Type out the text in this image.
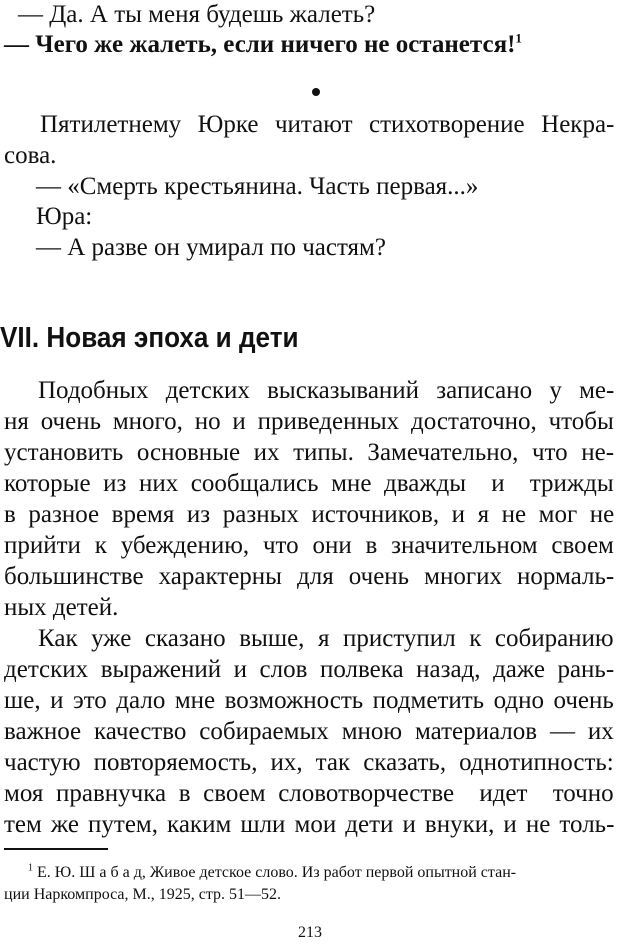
— Да. А ты меня будешь жалеть?
— Чего же жалеть, если ничего не останется!$^1$
Пятилетнему Юрке читают стихотворение Некра-
сова.
— «Смерть крестьянина. Часть первая...»
Юра:
— А разве он умирал по частям?
VII. Новая эпоха и дети
Подобных детских высказываний записано у ме-
ня очень много, но и приведенных достаточно, чтобы
установить основные их типы. Замечательно, что не-
которые из них сообщались мне дважды  и  трижды
в разное время из разных источников, и я не мог не
прийти к убеждению, что они в значительном своем
большинстве характерны для очень многих нормаль-
ных детей.
Как уже сказано выше, я приступил к собиранию
детских выражений и слов полвека назад, даже рань-
ше, и это дало мне возможность подметить одно очень
важное качество собираемых мною материалов — их
частую повторяемость, их, так сказать, однотипность:
моя правнучка в своем словотворчестве  идет  точно
тем же путем, каким шли мои дети и внуки, и не толь-
$^1$ Е. Ю. Ш а б а д, Живое детское слово. Из работ первой опытной стан-
ции Наркомпроса, М., 1925, стр. 51—52.
213
